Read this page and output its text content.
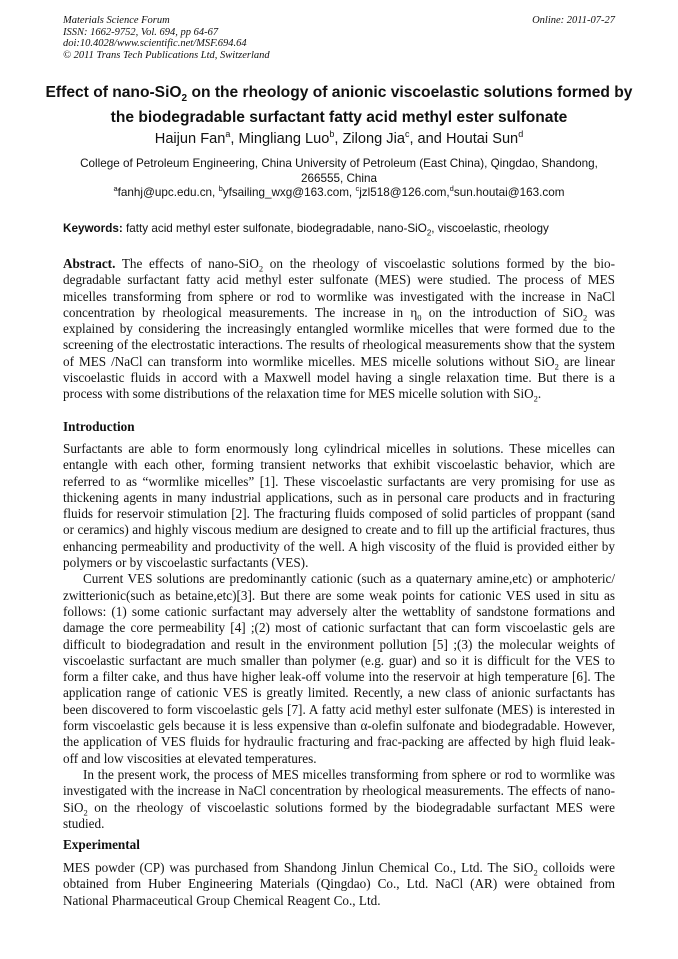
Materials Science Forum
ISSN: 1662-9752, Vol. 694, pp 64-67
doi:10.4028/www.scientific.net/MSF.694.64
© 2011 Trans Tech Publications Ltd, Switzerland
Online: 2011-07-27
Effect of nano-SiO$_2$ on the rheology of anionic viscoelastic solutions formed by the biodegradable surfactant fatty acid methyl ester sulfonate
Haijun Fan$^a$, Mingliang Luo$^b$, Zilong Jia$^c$, and Houtai Sun$^d$
College of Petroleum Engineering, China University of Petroleum (East China), Qingdao, Shandong, 266555, China
$^a$fanhj@upc.edu.cn, $^b$yfsailing_wxg@163.com, $^c$jzl518@126.com,$^d$sun.houtai@163.com
Keywords: fatty acid methyl ester sulfonate, biodegradable, nano-SiO$_2$, viscoelastic, rheology
Abstract. The effects of nano-SiO$_2$ on the rheology of viscoelastic solutions formed by the bio-degradable surfactant fatty acid methyl ester sulfonate (MES) were studied. The process of MES micelles transforming from sphere or rod to wormlike was investigated with the increase in NaCl concentration by rheological measurements. The increase in $\eta_0$ on the introduction of SiO$_2$ was explained by considering the increasingly entangled wormlike micelles that were formed due to the screening of the electrostatic interactions. The results of rheological measurements show that the system of MES /NaCl can transform into wormlike micelles. MES micelle solutions without SiO$_2$ are linear viscoelastic fluids in accord with a Maxwell model having a single relaxation time. But there is a process with some distributions of the relaxation time for MES micelle solution with SiO$_2$.
Introduction

Surfactants are able to form enormously long cylindrical micelles in solutions. These micelles can entangle with each other, forming transient networks that exhibit viscoelastic behavior, which are referred to as “wormlike micelles” [1]. These viscoelastic surfactants are very promising for use as thickening agents in many industrial applications, such as in personal care products and in fracturing fluids for reservoir stimulation [2]. The fracturing fluids composed of solid particles of proppant (sand or ceramics) and highly viscous medium are designed to create and to fill up the artificial fractures, thus enhancing permeability and productivity of the well. A high viscosity of the fluid is provided either by polymers or by viscoelastic surfactants (VES).

Current VES solutions are predominantly cationic (such as a quaternary amine,etc) or amphoteric/ zwitterionic(such as betaine,etc)[3]. But there are some weak points for cationic VES used in situ as follows: (1) some cationic surfactant may adversely alter the wettablity of sandstone formations and damage the core permeability [4] ;(2) most of cationic surfactant that can form viscoelastic gels are difficult to biodegradation and result in the environment pollution [5] ;(3) the molecular weights of viscoelastic surfactant are much smaller than polymer (e.g. guar) and so it is difficult for the VES to form a filter cake, and thus have higher leak-off volume into the reservoir at high temperature [6]. The application range of cationic VES is greatly limited. Recently, a new class of anionic surfactants has been discovered to form viscoelastic gels [7]. A fatty acid methyl ester sulfonate (MES) is interested in form viscoelastic gels because it is less expensive than α-olefin sulfonate and biodegradable. However, the application of VES fluids for hydraulic fracturing and frac-packing are affected by high fluid leak-off and low viscosities at elevated temperatures.

In the present work, the process of MES micelles transforming from sphere or rod to wormlike was investigated with the increase in NaCl concentration by rheological measurements. The effects of nano-SiO$_2$ on the rheology of viscoelastic solutions formed by the biodegradable surfactant MES were studied.

Experimental

MES powder (CP) was purchased from Shandong Jinlun Chemical Co., Ltd. The SiO$_2$ colloids were obtained from Huber Engineering Materials (Qingdao) Co., Ltd. NaCl (AR) were obtained from National Pharmaceutical Group Chemical Reagent Co., Ltd.
